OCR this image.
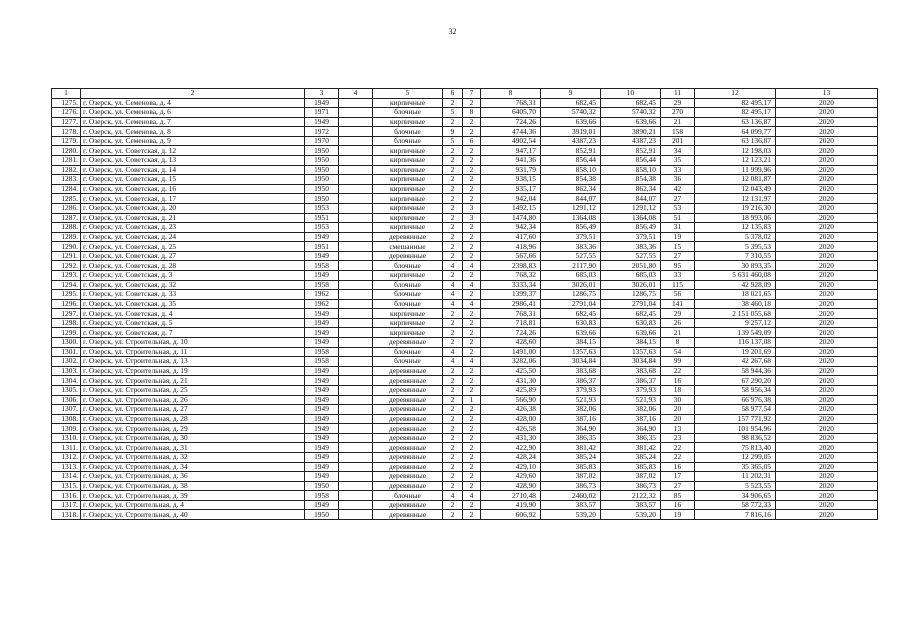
32
1	2	3	4	5	6	7	8	9	10	11	12	13
1275.	г. Озерск, ул. Семенова, д. 4	1949		кирпичные	2	2	768,31	682,45	682,45	29	82 495,17	2020
1276.	г. Озерск, ул. Семенова, д. 6	1971		блочные	5	8	6405,70	5740,32	5740,32	270	82 495,17	2020
1277.	г. Озерск, ул. Семенова, д. 7	1949		кирпичные	2	2	724,26	639,66	639,66	21	63 136,87	2020
1278.	г. Озерск, ул. Семенова, д. 8	1972		блочные	9	2	4744,36	3919,01	3890,21	158	64 099,77	2020
1279.	г. Озерск, ул. Семенова, д. 9	1970		блочные	5	6	4902,54	4387,23	4387,23	201	63 136,87	2020
1280.	г. Озерск, ул. Советская, д. 12	1950		кирпичные	2	2	947,17	852,91	852,91	34	12 198,03	2020
1281.	г. Озерск, ул. Советская, д. 13	1950		кирпичные	2	2	941,36	856,44	856,44	35	12 123,21	2020
1282.	г. Озерск, ул. Советская, д. 14	1950		кирпичные	2	2	931,79	858,10	858,10	33	11 999,96	2020
1283.	г. Озерск, ул. Советская, д. 15	1950		кирпичные	2	2	938,15	854,38	854,38	36	12 081,87	2020
1284.	г. Озерск, ул. Советская, д. 16	1950		кирпичные	2	2	935,17	862,34	862,34	42	12 043,49	2020
1285.	г. Озерск, ул. Советская, д. 17	1950		кирпичные	2	2	942,04	844,07	844,07	27	12 131,97	2020
1286.	г. Озерск, ул. Советская, д. 20	1953		кирпичные	2	3	1492,15	1291,12	1291,12	53	19 216,30	2020
1287.	г. Озерск, ул. Советская, д. 21	1951		кирпичные	2	3	1474,80	1364,08	1364,08	51	18 993,06	2020
1288.	г. Озерск, ул. Советская, д. 23	1953		кирпичные	2	2	942,34	856,49	856,49	31	12 135,83	2020
1289.	г. Озерск, ул. Советская, д. 24	1949		деревянные	2	2	417,60	379,51	379,51	19	5 378,02	2020
1290.	г. Озерск, ул. Советская, д. 25	1951		смешанные	2	2	418,96	383,36	383,36	15	5 395,53	2020
1291.	г. Озерск, ул. Советская, д. 27	1949		деревянные	2	2	567,66	527,55	527,55	27	7 310,55	2020
1292.	г. Озерск, ул. Советская, д. 28	1958		блочные	4	4	2398,83	2117,90	2051,80	95	30 893,35	2020
1293.	г. Озерск, ул. Советская, д. 3	1949		кирпичные	2	2	768,32	685,03	685,03	33	5 631 460,08	2020
1294.	г. Озерск, ул. Советская, д. 32	1958		блочные	4	4	3333,34	3026,01	3026,01	115	42 928,09	2020
1295.	г. Озерск, ул. Советская, д. 33	1962		блочные	4	2	1399,37	1286,75	1286,75	56	18 021,65	2020
1296.	г. Озерск, ул. Советская, д. 35	1962		блочные	4	4	2986,41	2791,04	2791,04	141	38 460,18	2020
1297.	г. Озерск, ул. Советская, д. 4	1949		кирпичные	2	2	768,31	682,45	682,45	29	2 151 055,68	2020
1298.	г. Озерск, ул. Советская, д. 5	1949		кирпичные	2	2	718,81	630,83	630,83	26	9 257,12	2020
1299.	г. Озерск, ул. Советская, д. 7	1949		кирпичные	2	2	724,26	639,66	639,66	21	139 549,09	2020
1300.	г. Озерск, ул. Строительная, д. 10	1949		деревянные	2	2	428,60	384,15	384,15	8	116 137,08	2020
1301.	г. Озерск, ул. Строительная, д. 11	1958		блочные	4	2	1491,00	1357,63	1357,63	54	19 201,69	2020
1302.	г. Озерск, ул. Строительная, д. 13	1958		блочные	4	4	3282,06	3034,84	3034,84	99	42 267,68	2020
1303.	г. Озерск, ул. Строительная, д. 19	1949		деревянные	2	2	425,50	383,68	383,68	22	58 944,36	2020
1304.	г. Озерск, ул. Строительная, д. 21	1949		деревянные	2	2	431,30	386,37	386,37	16	67 290,20	2020
1305.	г. Озерск, ул. Строительная, д. 25	1949		деревянные	2	2	425,89	379,93	379,93	18	58 956,34	2020
1306.	г. Озерск, ул. Строительная, д. 26	1949		деревянные	2	1	566,90	521,93	521,93	30	66 976,38	2020
1307.	г. Озерск, ул. Строительная, д. 27	1949		деревянные	2	2	426,38	382,06	382,06	20	58 977,54	2020
1308.	г. Озерск, ул. Строительная, д. 28	1949		деревянные	2	2	428,00	387,16	387,16	20	157 771,92	2020
1309.	г. Озерск, ул. Строительная, д. 29	1949		деревянные	2	2	426,58	364,90	364,90	13	101 954,96	2020
1310.	г. Озерск, ул. Строительная, д. 30	1949		деревянные	2	2	431,30	386,35	386,35	23	98 836,52	2020
1311.	г. Озерск, ул. Строительная, д. 31	1949		деревянные	2	2	422,90	381,42	381,42	22	75 813,40	2020
1312.	г. Озерск, ул. Строительная, д. 32	1949		деревянные	2	2	428,24	385,24	385,24	22	12 299,05	2020
1313.	г. Озерск, ул. Строительная, д. 34	1949		деревянные	2	2	429,10	385,83	385,83	16	35 365,05	2020
1314.	г. Озерск, ул. Строительная, д. 36	1949		деревянные	2	2	429,60	387,02	387,02	17	11 202,31	2020
1315.	г. Озерск, ул. Строительная, д. 38	1950		деревянные	2	2	428,90	386,73	386,73	27	5 523,55	2020
1316.	г. Озерск, ул. Строительная, д. 39	1958		блочные	4	4	2710,48	2460,02	2122,32	85	34 906,65	2020
1317.	г. Озерск, ул. Строительная, д. 4	1949		деревянные	2	2	419,90	383,57	383,57	16	58 772,33	2020
1318.	г. Озерск, ул. Строительная, д. 40	1950		деревянные	2	2	606,92	539,20	539,20	19	7 816,16	2020
